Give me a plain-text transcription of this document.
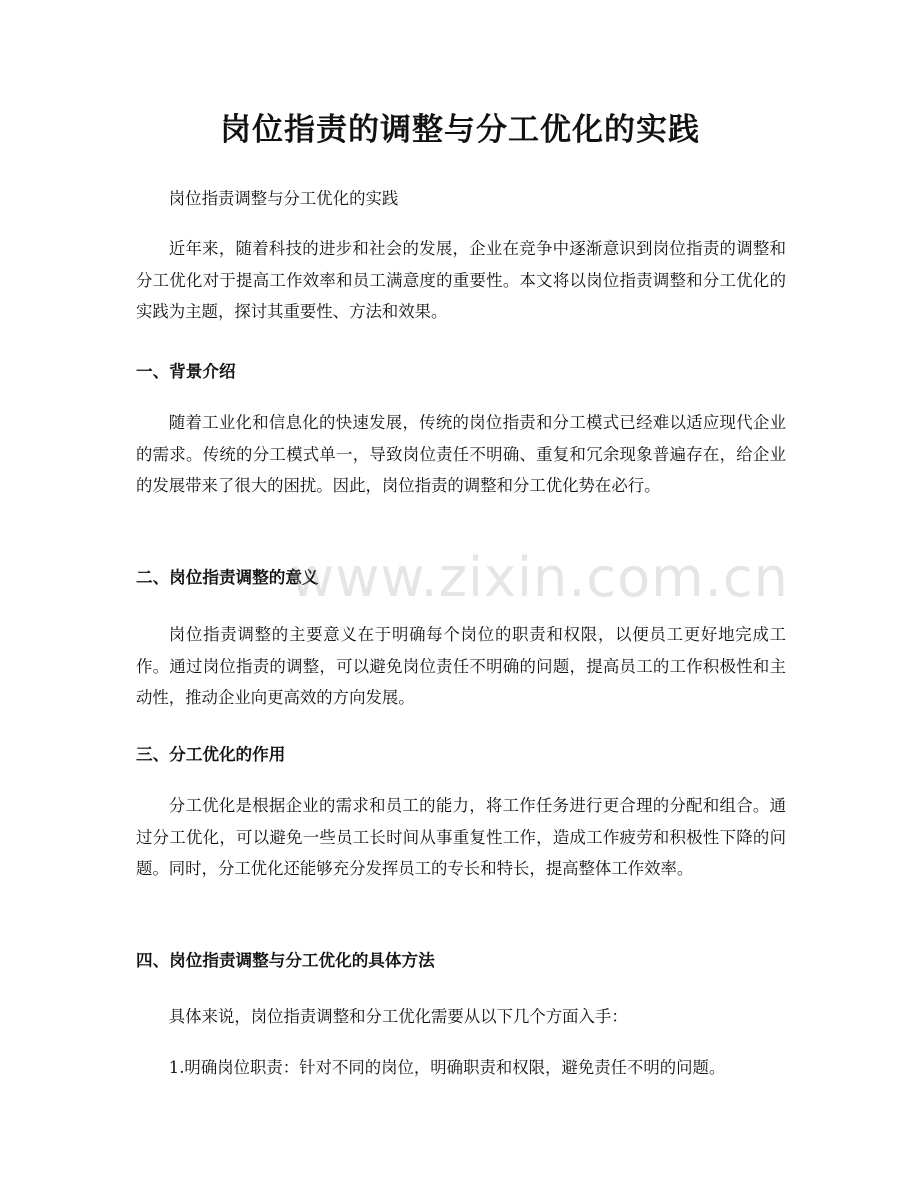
岗位指责的调整与分工优化的实践

岗位指责调整与分工优化的实践

近年来，随着科技的进步和社会的发展，企业在竞争中逐渐意识到岗位指责的调整和分工优化对于提高工作效率和员工满意度的重要性。本文将以岗位指责调整和分工优化的实践为主题，探讨其重要性、方法和效果。

一、背景介绍

随着工业化和信息化的快速发展，传统的岗位指责和分工模式已经难以适应现代企业的需求。传统的分工模式单一，导致岗位责任不明确、重复和冗余现象普遍存在，给企业的发展带来了很大的困扰。因此，岗位指责的调整和分工优化势在必行。

二、岗位指责调整的意义

岗位指责调整的主要意义在于明确每个岗位的职责和权限，以便员工更好地完成工作。通过岗位指责的调整，可以避免岗位责任不明确的问题，提高员工的工作积极性和主动性，推动企业向更高效的方向发展。

三、分工优化的作用

分工优化是根据企业的需求和员工的能力，将工作任务进行更合理的分配和组合。通过分工优化，可以避免一些员工长时间从事重复性工作，造成工作疲劳和积极性下降的问题。同时，分工优化还能够充分发挥员工的专长和特长，提高整体工作效率。

四、岗位指责调整与分工优化的具体方法

具体来说，岗位指责调整和分工优化需要从以下几个方面入手：

1.明确岗位职责：针对不同的岗位，明确职责和权限，避免责任不明的问题。

www.zixin.com.cn
